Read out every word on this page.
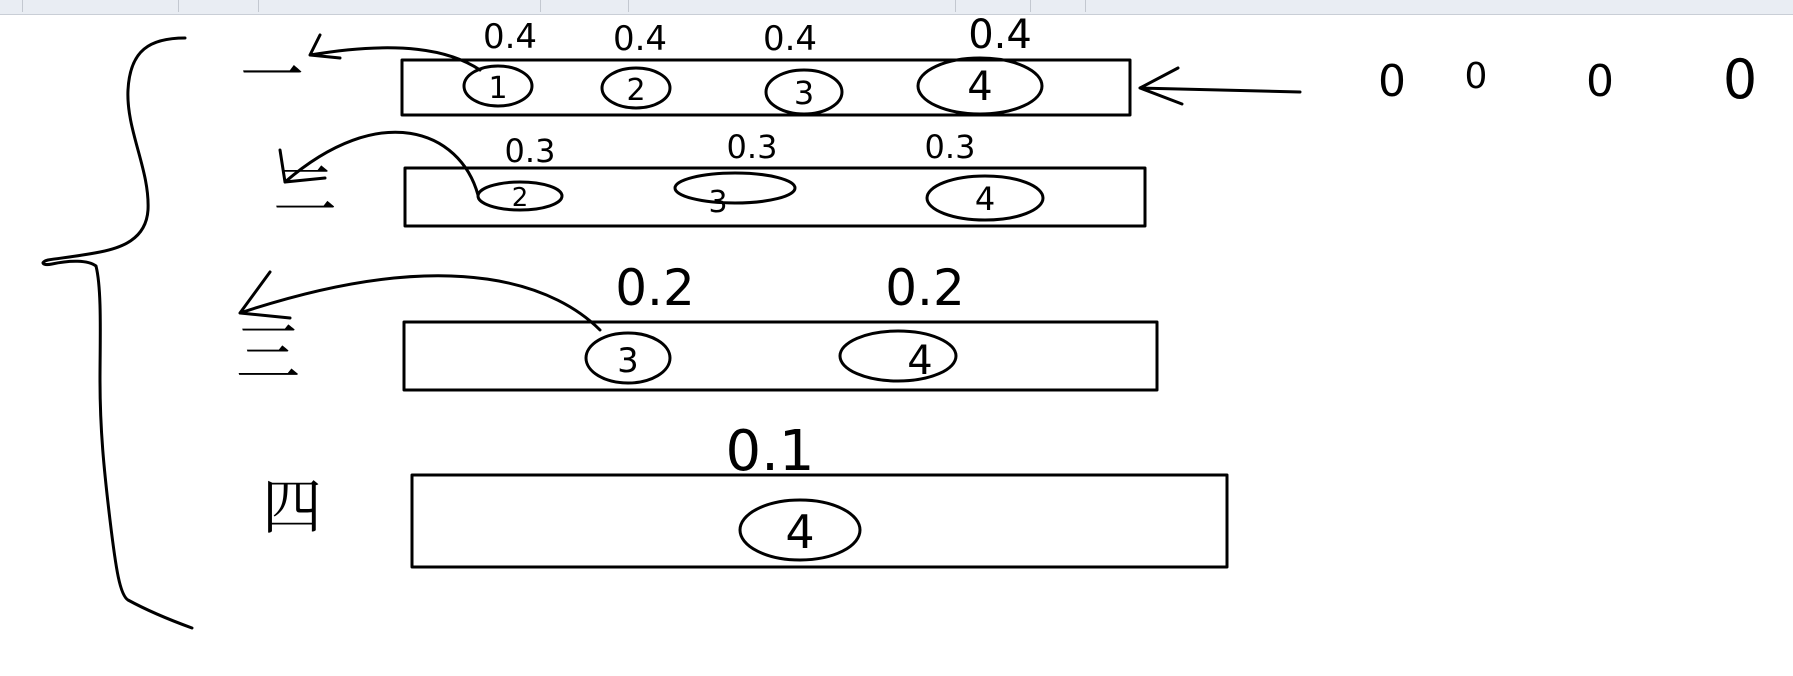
一
二
三
四
1	2	3	4
0.4 0.4	0.4	0.4
0 0 0 0
2	3	4
0.3	0.3	0.3
3	4
0.2	0.2
4
0.1
